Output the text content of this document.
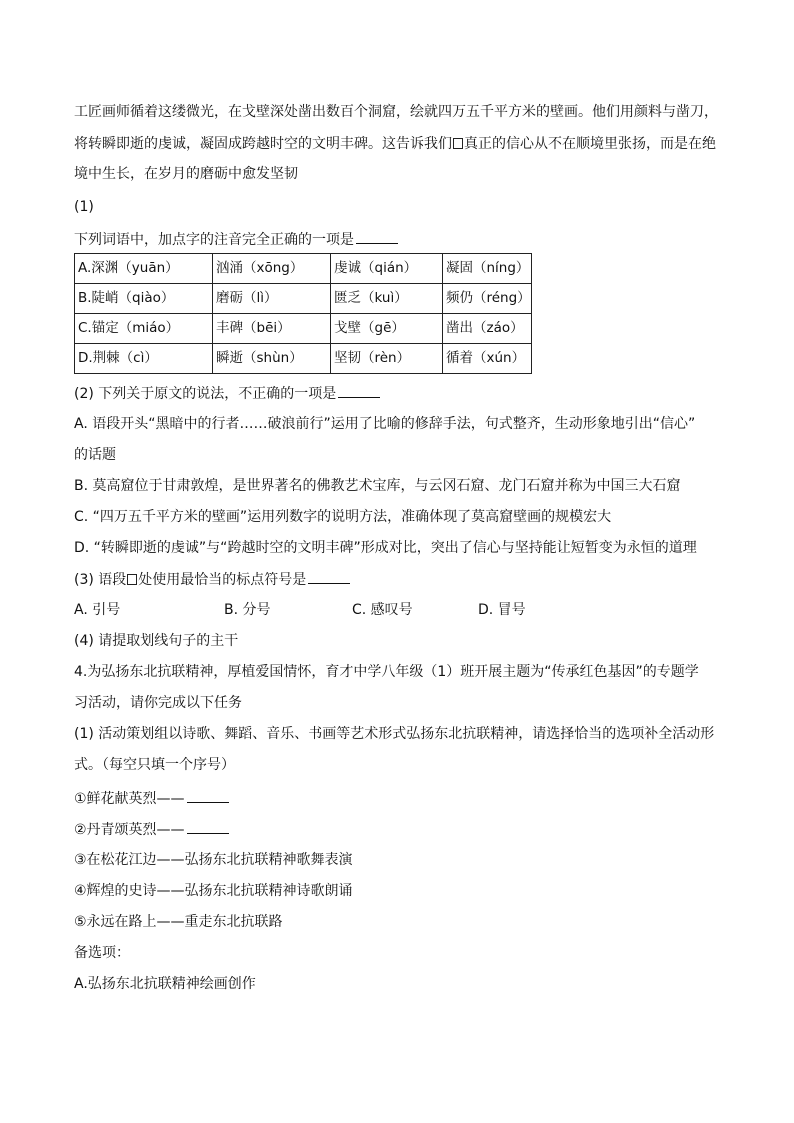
工匠画师循着这缕微光，在戈壁深处凿出数百个洞窟，绘就四万五千平方米的壁画。他们用颜料与凿刀，
将转瞬即逝的虔诚，凝固成跨越时空的文明丰碑。这告诉我们 真正的信心从不在顺境里张扬，而是在绝
境中生长，在岁月的磨砺中愈发坚韧
(1)
下列词语中，加点字的注音完全正确的一项是
A.深渊（yuān）	汹涌（xōng）	虔诚（qián）	凝固（níng）
B.陡峭（qiào）	磨砺（lì）	匮乏（kuì）	频仍（réng）
C.锚定（miáo）	丰碑（bēi）	戈壁（gē）	凿出（záo）
D.荆棘（cì）	瞬逝（shùn）	坚韧（rèn）	循着（xún）
(2) 下列关于原文的说法，不正确的一项是
A. 语段开头“黑暗中的行者……破浪前行”运用了比喻的修辞手法，句式整齐，生动形象地引出“信心”
的话题
B. 莫高窟位于甘肃敦煌，是世界著名的佛教艺术宝库，与云冈石窟、龙门石窟并称为中国三大石窟
C. “四万五千平方米的壁画”运用列数字的说明方法，准确体现了莫高窟壁画的规模宏大
D. “转瞬即逝的虔诚”与“跨越时空的文明丰碑”形成对比，突出了信心与坚持能让短暂变为永恒的道理
(3) 语段 处使用最恰当的标点符号是
A. 引号	B. 分号	C. 感叹号	D. 冒号
(4) 请提取划线句子的主干
4.为弘扬东北抗联精神，厚植爱国情怀，育才中学八年级（1）班开展主题为“传承红色基因”的专题学
习活动，请你完成以下任务
(1) 活动策划组以诗歌、舞蹈、音乐、书画等艺术形式弘扬东北抗联精神，请选择恰当的选项补全活动形
式。（每空只填一个序号）
①鲜花献英烈——
②丹青颂英烈——
③在松花江边——弘扬东北抗联精神歌舞表演
④辉煌的史诗——弘扬东北抗联精神诗歌朗诵
⑤永远在路上——重走东北抗联路
备选项：
A.弘扬东北抗联精神绘画创作
